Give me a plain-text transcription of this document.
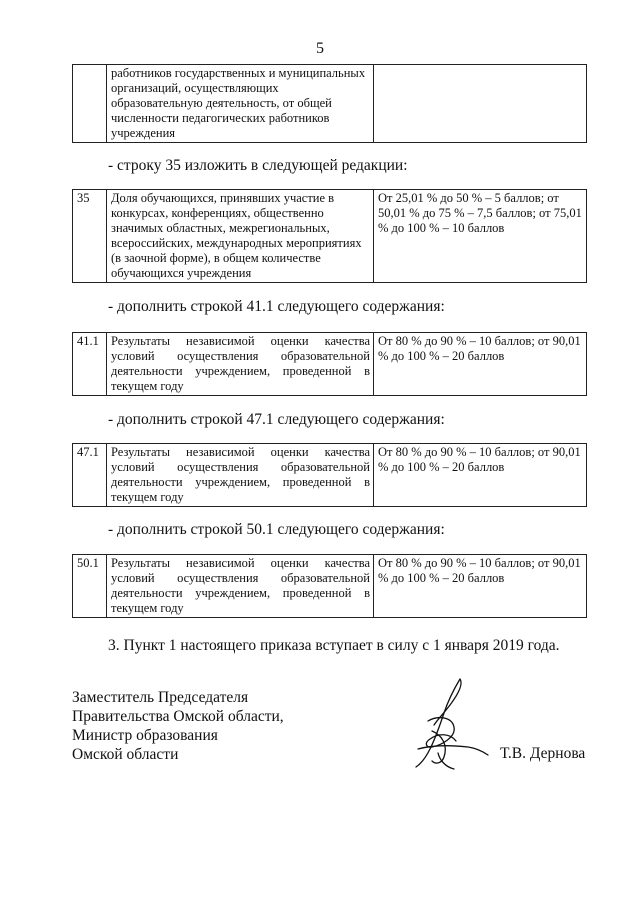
5
	работников государственных и муниципальных организаций, осуществляющих образовательную деятельность, от общей численности педагогических работников учреждения	
- строку 35 изложить в следующей редакции:
35	Доля обучающихся, принявших участие в конкурсах, конференциях, общественно значимых областных, межрегиональных, всероссийских, международных мероприятиях (в заочной форме), в общем количестве обучающихся учреждения	От 25,01 % до 50 % – 5 баллов; от 50,01 % до 75 % – 7,5 баллов; от 75,01 % до 100 % – 10 баллов
- дополнить строкой 41.1 следующего содержания:
41.1	Результаты независимой оценки качества условий осуществления образовательной деятельности учреждением, проведенной в текущем году	От 80 % до 90 % – 10 баллов; от 90,01 % до 100 % – 20 баллов
- дополнить строкой 47.1 следующего содержания:
47.1	Результаты независимой оценки качества условий осуществления образовательной деятельности учреждением, проведенной в текущем году	От 80 % до 90 % – 10 баллов; от 90,01 % до 100 % – 20 баллов
- дополнить строкой 50.1 следующего содержания:
50.1	Результаты независимой оценки качества условий осуществления образовательной деятельности учреждением, проведенной в текущем году	От 80 % до 90 % – 10 баллов; от 90,01 % до 100 % – 20 баллов
3. Пункт 1 настоящего приказа вступает в силу с 1 января 2019 года.
Заместитель Председателя
Правительства Омской области,
Министр образования
Омской области	Т.В. Дернова
